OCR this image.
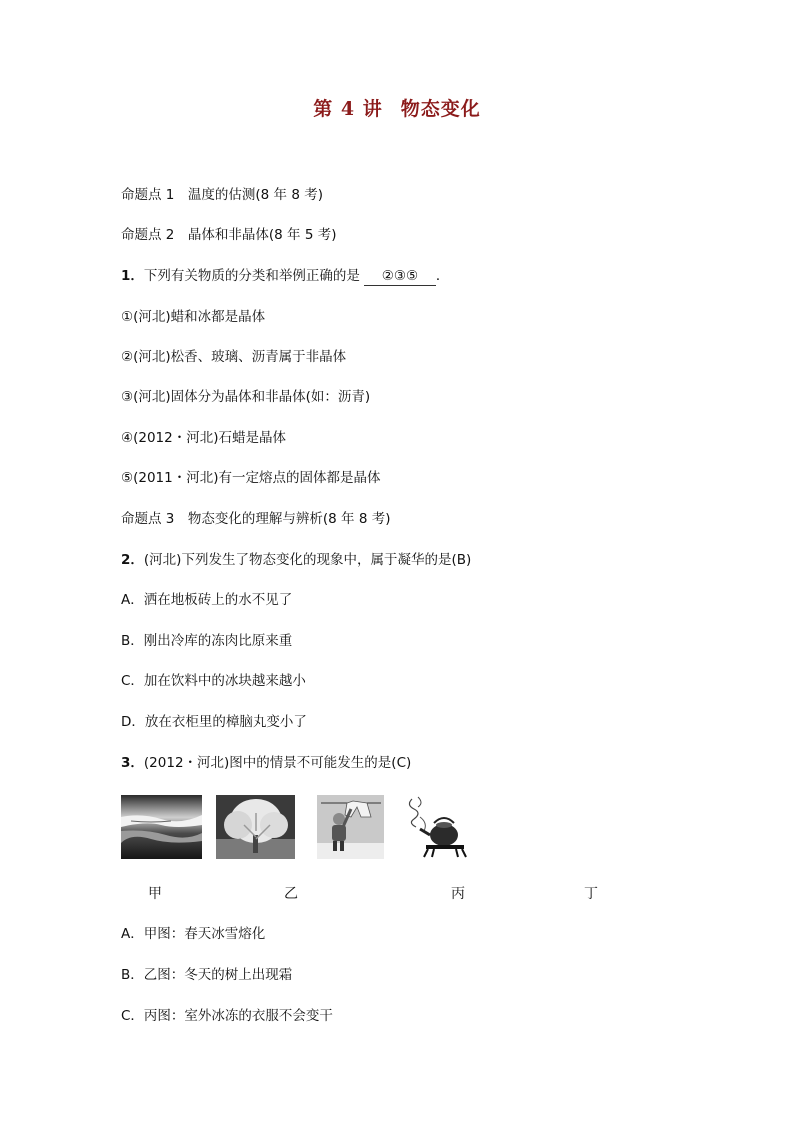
第 4 讲 物态变化
命题点 1　温度的估测(8 年 8 考)
命题点 2　晶体和非晶体(8 年 5 考)
1．下列有关物质的分类和举例正确的是 ②③⑤ ．
①(河北)蜡和冰都是晶体
②(河北)松香、玻璃、沥青属于非晶体
③(河北)固体分为晶体和非晶体(如：沥青)
④(2012・河北)石蜡是晶体
⑤(2011・河北)有一定熔点的固体都是晶体
命题点 3　物态变化的理解与辨析(8 年 8 考)
2．(河北)下列发生了物态变化的现象中，属于凝华的是(B)
A．洒在地板砖上的水不见了
B．刚出冷库的冻肉比原来重
C．加在饮料中的冰块越来越小
D．放在衣柜里的樟脑丸变小了
3．(2012・河北)图中的情景不可能发生的是(C)
甲	乙	丙	丁
A．甲图：春天冰雪熔化
B．乙图：冬天的树上出现霜
C．丙图：室外冰冻的衣服不会变干
